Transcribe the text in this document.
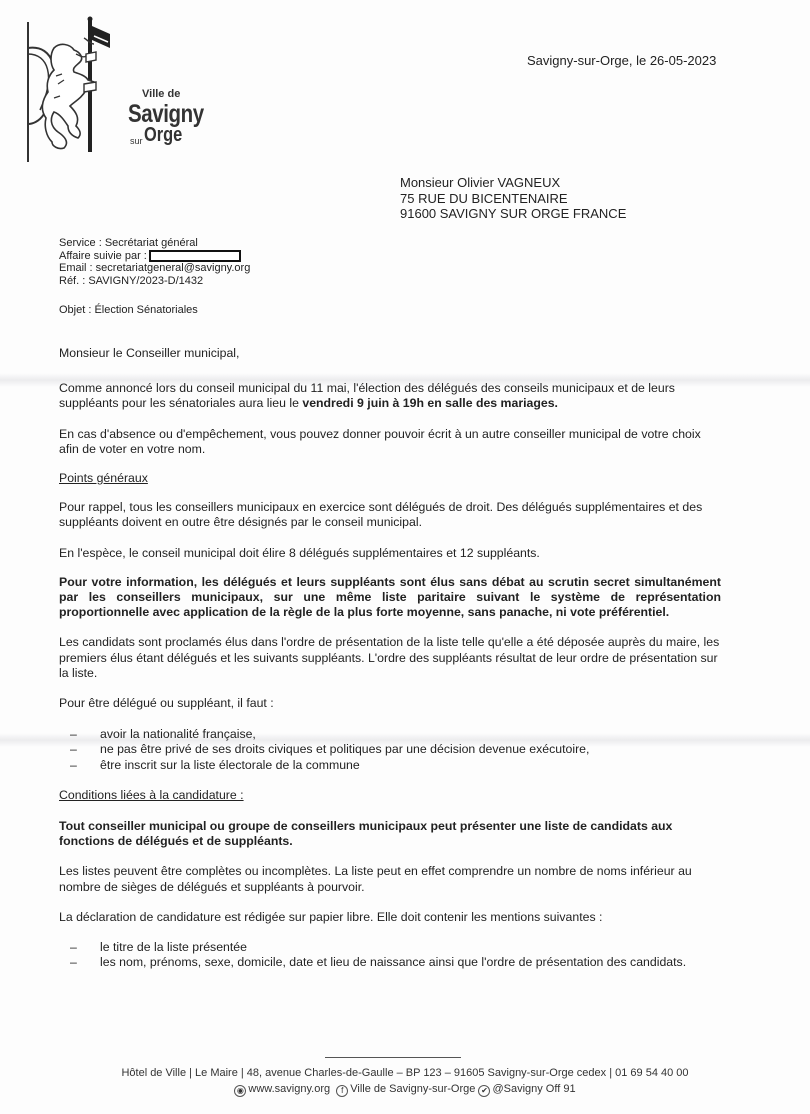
Ville de
Savigny
sur Orge
Savigny-sur-Orge, le 26-05-2023
Monsieur Olivier VAGNEUX
75 RUE DU BICENTENAIRE
91600 SAVIGNY SUR ORGE FRANCE
Service : Secrétariat général
Affaire suivie par :
Email : secretariatgeneral@savigny.org
Réf. : SAVIGNY/2023-D/1432
Objet : Élection Sénatoriales

Monsieur le Conseiller municipal,

Comme annoncé lors du conseil municipal du 11 mai, l'élection des délégués des conseils municipaux et de leurs suppléants pour les sénatoriales aura lieu le vendredi 9 juin à 19h en salle des mariages.

En cas d'absence ou d'empêchement, vous pouvez donner pouvoir écrit à un autre conseiller municipal de votre choix afin de voter en votre nom.

Points généraux

Pour rappel, tous les conseillers municipaux en exercice sont délégués de droit. Des délégués supplémentaires et des suppléants doivent en outre être désignés par le conseil municipal.

En l'espèce, le conseil municipal doit élire 8 délégués supplémentaires et 12 suppléants.

Pour votre information, les délégués et leurs suppléants sont élus sans débat au scrutin secret simultanément par les conseillers municipaux, sur une même liste paritaire suivant le système de représentation proportionnelle avec application de la règle de la plus forte moyenne, sans panache, ni vote préférentiel.

Les candidats sont proclamés élus dans l'ordre de présentation de la liste telle qu'elle a été déposée auprès du maire, les premiers élus étant délégués et les suivants suppléants. L'ordre des suppléants résultat de leur ordre de présentation sur la liste.

Pour être délégué ou suppléant, il faut :

– avoir la nationalité française,
– ne pas être privé de ses droits civiques et politiques par une décision devenue exécutoire,
– être inscrit sur la liste électorale de la commune

Conditions liées à la candidature :

Tout conseiller municipal ou groupe de conseillers municipaux peut présenter une liste de candidats aux fonctions de délégués et de suppléants.

Les listes peuvent être complètes ou incomplètes. La liste peut en effet comprendre un nombre de noms inférieur au nombre de sièges de délégués et suppléants à pourvoir.

La déclaration de candidature est rédigée sur papier libre. Elle doit contenir les mentions suivantes :

– le titre de la liste présentée
– les nom, prénoms, sexe, domicile, date et lieu de naissance ainsi que l'ordre de présentation des candidats.
Hôtel de Ville | Le Maire | 48, avenue Charles-de-Gaulle – BP 123 – 91605 Savigny-sur-Orge cedex | 01 69 54 40 00
◉ www.savigny.org f Ville de Savigny-sur-Orge ✔ @Savigny Off 91
